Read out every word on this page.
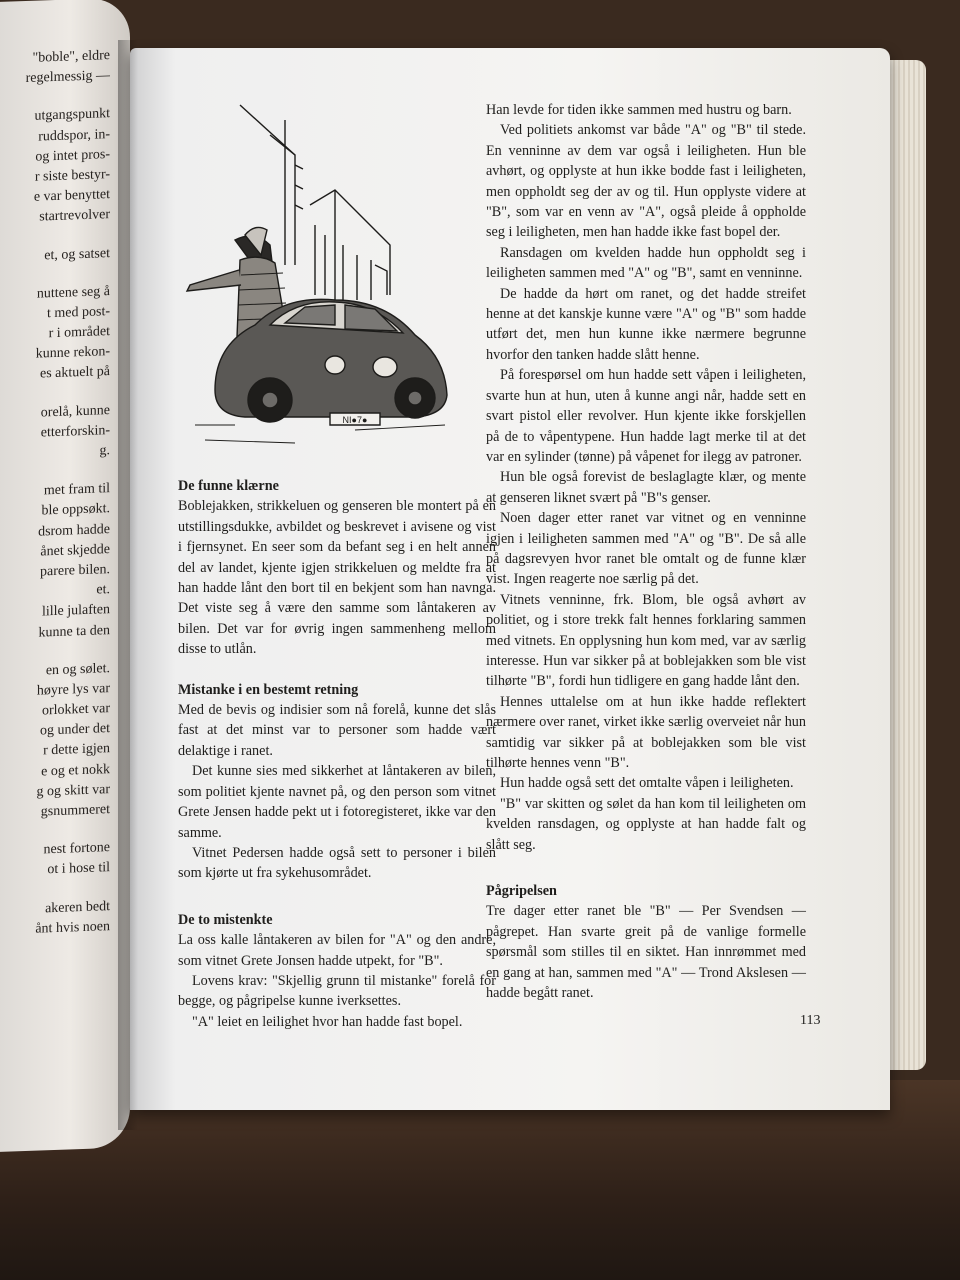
"boble", eldre
regelmessig —
utgangspunkt
ruddspor, in-
og intet pros-
r siste bestyr-
e var benyttet
startrevolver
et, og satset
nuttene seg å
t med post-
r i området
kunne rekon-
es aktuelt på
orelå, kunne
etterforskin-
g.
met fram til
ble oppsøkt.
dsrom hadde
ånet skjedde
parere bilen.
et.
lille julaften
kunne ta den
en og sølet.
høyre lys var
orlokket var
og under det
r dette igjen
e og et nokk
g og skitt var
gsnummeret
nest fortone
ot i hose til
akeren bedt
ånt hvis noen
NI●7●
De funne klærne

Boblejakken, strikkeluen og genseren ble montert på en utstillingsdukke, avbildet og beskrevet i avisene og vist i fjernsynet. En seer som da befant seg i en helt annen del av landet, kjente igjen strikkeluen og meldte fra at han hadde lånt den bort til en bekjent som han navnga. Det viste seg å være den samme som låntakeren av bilen. Det var for øvrig ingen sammenheng mellom disse to utlån.

Mistanke i en bestemt retning

Med de bevis og indisier som nå forelå, kunne det slås fast at det minst var to personer som hadde vært delaktige i ranet.

Det kunne sies med sikkerhet at låntakeren av bilen, som politiet kjente navnet på, og den person som vitnet Grete Jensen hadde pekt ut i fotoregisteret, ikke var den samme.

Vitnet Pedersen hadde også sett to personer i bilen som kjørte ut fra sykehusområdet.

De to mistenkte

La oss kalle låntakeren av bilen for "A" og den andre, som vitnet Grete Jonsen hadde utpekt, for "B".

Lovens krav: "Skjellig grunn til mistanke" forelå for begge, og pågripelse kunne iverksettes.

"A" leiet en leilighet hvor han hadde fast bopel.

Han levde for tiden ikke sammen med hustru og barn.

Ved politiets ankomst var både "A" og "B" til stede. En venninne av dem var også i leiligheten. Hun ble avhørt, og opplyste at hun ikke bodde fast i leiligheten, men oppholdt seg der av og til. Hun opplyste videre at "B", som var en venn av "A", også pleide å oppholde seg i leiligheten, men han hadde ikke fast bopel der.

Ransdagen om kvelden hadde hun oppholdt seg i leiligheten sammen med "A" og "B", samt en venninne.

De hadde da hørt om ranet, og det hadde streifet henne at det kanskje kunne være "A" og "B" som hadde utført det, men hun kunne ikke nærmere begrunne hvorfor den tanken hadde slått henne.

På forespørsel om hun hadde sett våpen i leiligheten, svarte hun at hun, uten å kunne angi når, hadde sett en svart pistol eller revolver. Hun kjente ikke forskjellen på de to våpentypene. Hun hadde lagt merke til at det var en sylinder (tønne) på våpenet for ilegg av patroner.

Hun ble også forevist de beslaglagte klær, og mente at genseren liknet svært på "B"s genser.

Noen dager etter ranet var vitnet og en venninne igjen i leiligheten sammen med "A" og "B". De så alle på dagsrevyen hvor ranet ble omtalt og de funne klær vist. Ingen reagerte noe særlig på det.

Vitnets venninne, frk. Blom, ble også avhørt av politiet, og i store trekk falt hennes forklaring sammen med vitnets. En opplysning hun kom med, var av særlig interesse. Hun var sikker på at boblejakken som ble vist tilhørte "B", fordi hun tidligere en gang hadde lånt den.

Hennes uttalelse om at hun ikke hadde reflektert nærmere over ranet, virket ikke særlig overveiet når hun samtidig var sikker på at boblejakken som ble vist tilhørte hennes venn "B".

Hun hadde også sett det omtalte våpen i leiligheten.

"B" var skitten og sølet da han kom til leiligheten om kvelden ransdagen, og opplyste at han hadde falt og slått seg.

Pågripelsen

Tre dager etter ranet ble "B" — Per Svendsen — pågrepet. Han svarte greit på de vanlige formelle spørsmål som stilles til en siktet. Han innrømmet med en gang at han, sammen med "A" — Trond Akslesen — hadde begått ranet.

113
